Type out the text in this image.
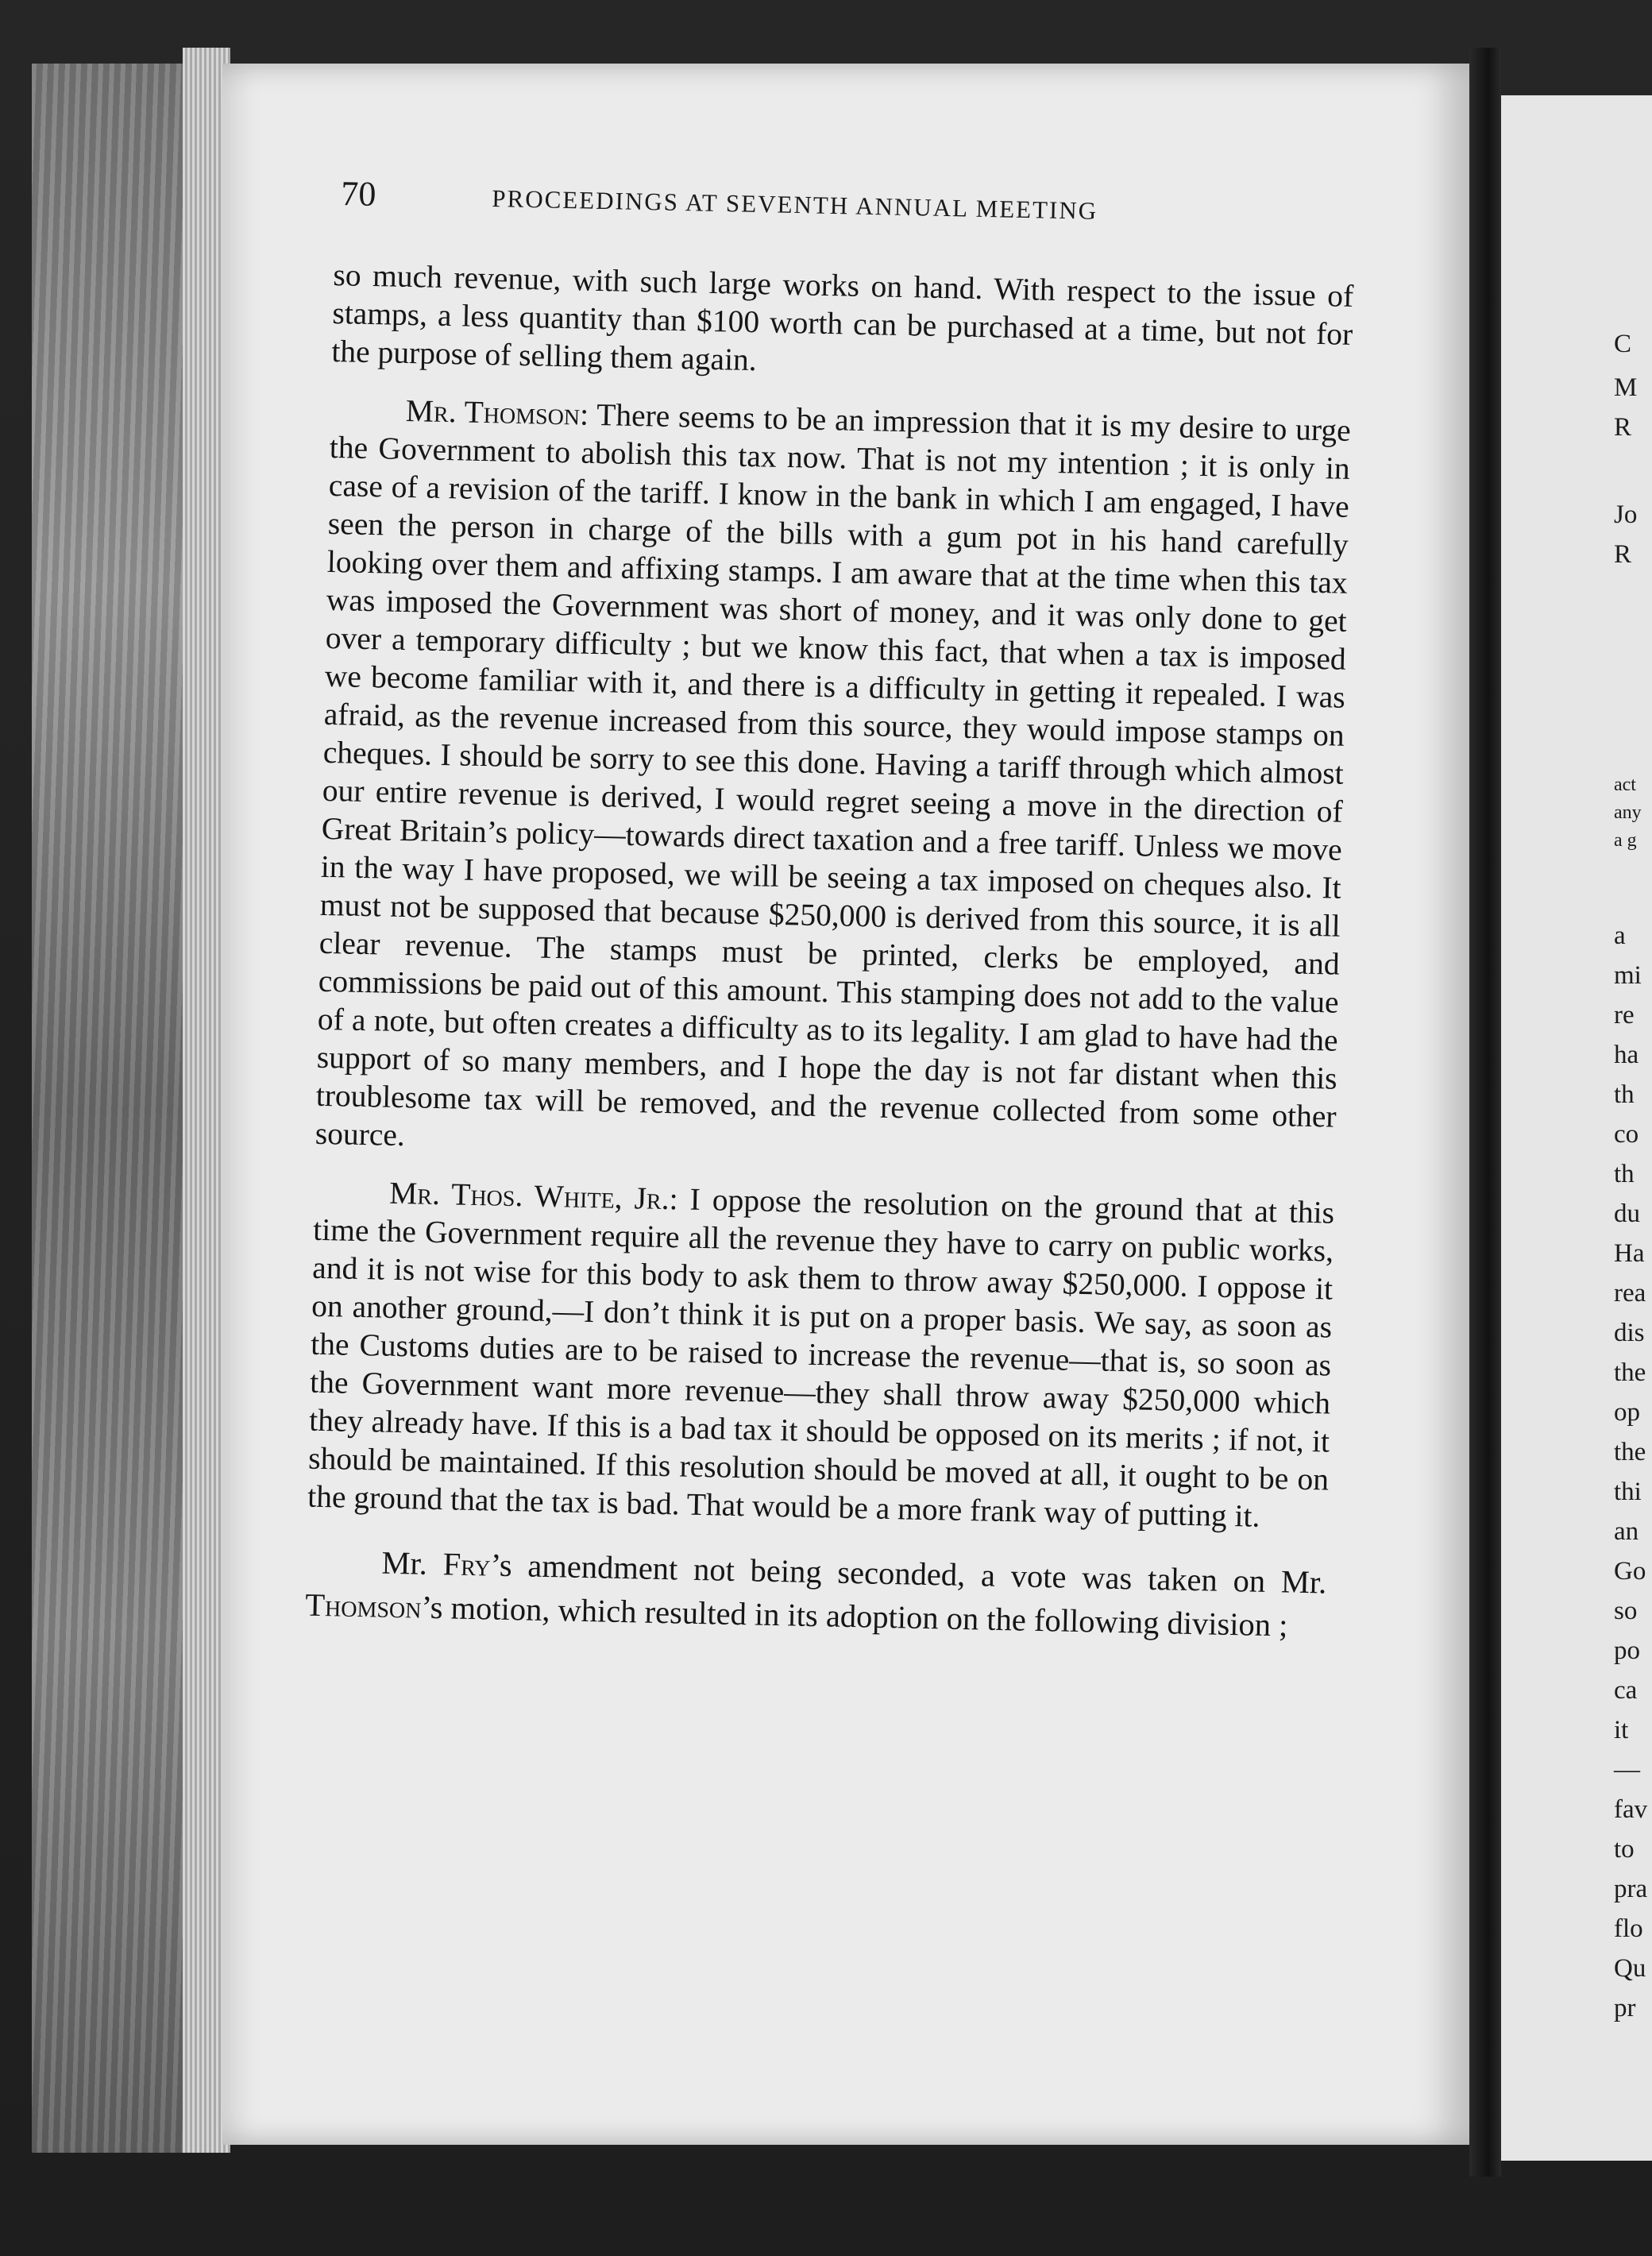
70	PROCEEDINGS AT SEVENTH ANNUAL MEETING

so much revenue, with such large works on hand. With respect to the issue of stamps, a less quantity than $100 worth can be purchased at a time, but not for the purpose of selling them again.

Mr. Thomson: There seems to be an impression that it is my desire to urge the Government to abolish this tax now. That is not my intention ; it is only in case of a revision of the tariff. I know in the bank in which I am engaged, I have seen the person in charge of the bills with a gum pot in his hand carefully looking over them and affixing stamps. I am aware that at the time when this tax was imposed the Government was short of money, and it was only done to get over a temporary difficulty ; but we know this fact, that when a tax is imposed we become familiar with it, and there is a difficulty in getting it repealed. I was afraid, as the revenue increased from this source, they would impose stamps on cheques. I should be sorry to see this done. Having a tariff through which almost our entire revenue is derived, I would regret seeing a move in the direction of Great Britain’s policy—towards direct taxation and a free tariff. Unless we move in the way I have proposed, we will be seeing a tax imposed on cheques also. It must not be supposed that because $250,000 is derived from this source, it is all clear revenue. The stamps must be printed, clerks be employed, and commissions be paid out of this amount. This stamping does not add to the value of a note, but often creates a difficulty as to its legality. I am glad to have had the support of so many members, and I hope the day is not far distant when this troublesome tax will be removed, and the revenue collected from some other source.

Mr. Thos. White, Jr.: I oppose the resolution on the ground that at this time the Government require all the revenue they have to carry on public works, and it is not wise for this body to ask them to throw away $250,000. I oppose it on another ground,—I don’t think it is put on a proper basis. We say, as soon as the Customs duties are to be raised to increase the revenue—that is, so soon as the Government want more revenue—they shall throw away $250,000 which they already have. If this is a bad tax it should be opposed on its merits ; if not, it should be maintained. If this resolution should be moved at all, it ought to be on the ground that the tax is bad. That would be a more frank way of putting it.

Mr. Fry’s amendment not being seconded, a vote was taken on Mr. Thomson’s motion, which resulted in its adoption on the following division ;

C
M
R
Jo
R
act
any
a g
a
mi
re
ha
th
co
th
du
Ha
rea
dis
the
op
the
thi
an
Go
so
po
ca
it
—
fav
to
pra
flo
Qu
pr
